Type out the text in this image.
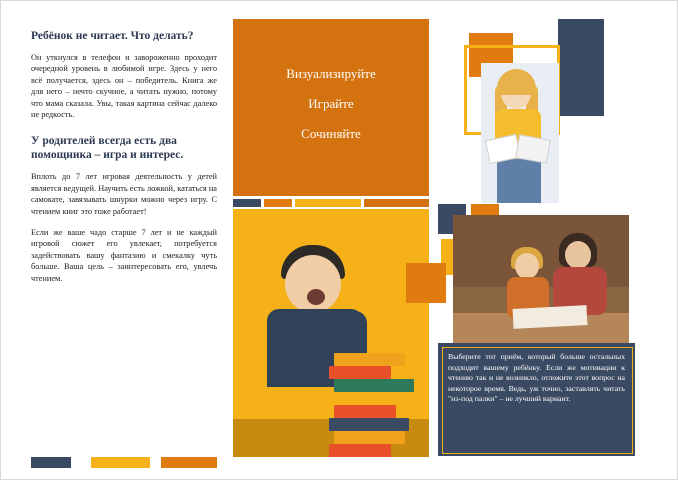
Ребёнок не читает. Что делать?

Он уткнулся в телефон и завороженно проходит очередной уровень в любимой игре. Здесь у него всё получается, здесь он – победитель. Книга же для него – нечто скучное, а читать нужно, потому что мама сказала. Увы, такая картина сейчас далеко не редкость.

У родителей всегда есть два помощника – игра и интерес.

Вплоть до 7 лет игровая деятельность у детей является ведущей. Научить есть ложкой, кататься на самокате, завязывать шнурки можно через игру. С чтением книг это тоже работает!

Если же ваше чадо старше 7 лет и не каждый игровой сюжет его увлекает, потребуется задействовать вашу фантазию и смекалку чуть больше. Ваша цель – заинтересовать его, увлечь чтением.

Визуализируйте
Играйте
Сочиняйте
Выберите тот приём, который больше остальных подходит вашему ребёнку. Если же мотивации к чтению так и не возникло, отложите этот вопрос на некоторое время. Ведь, уж точно, заставлять читать "из-под палки" – не лучший вариант.
